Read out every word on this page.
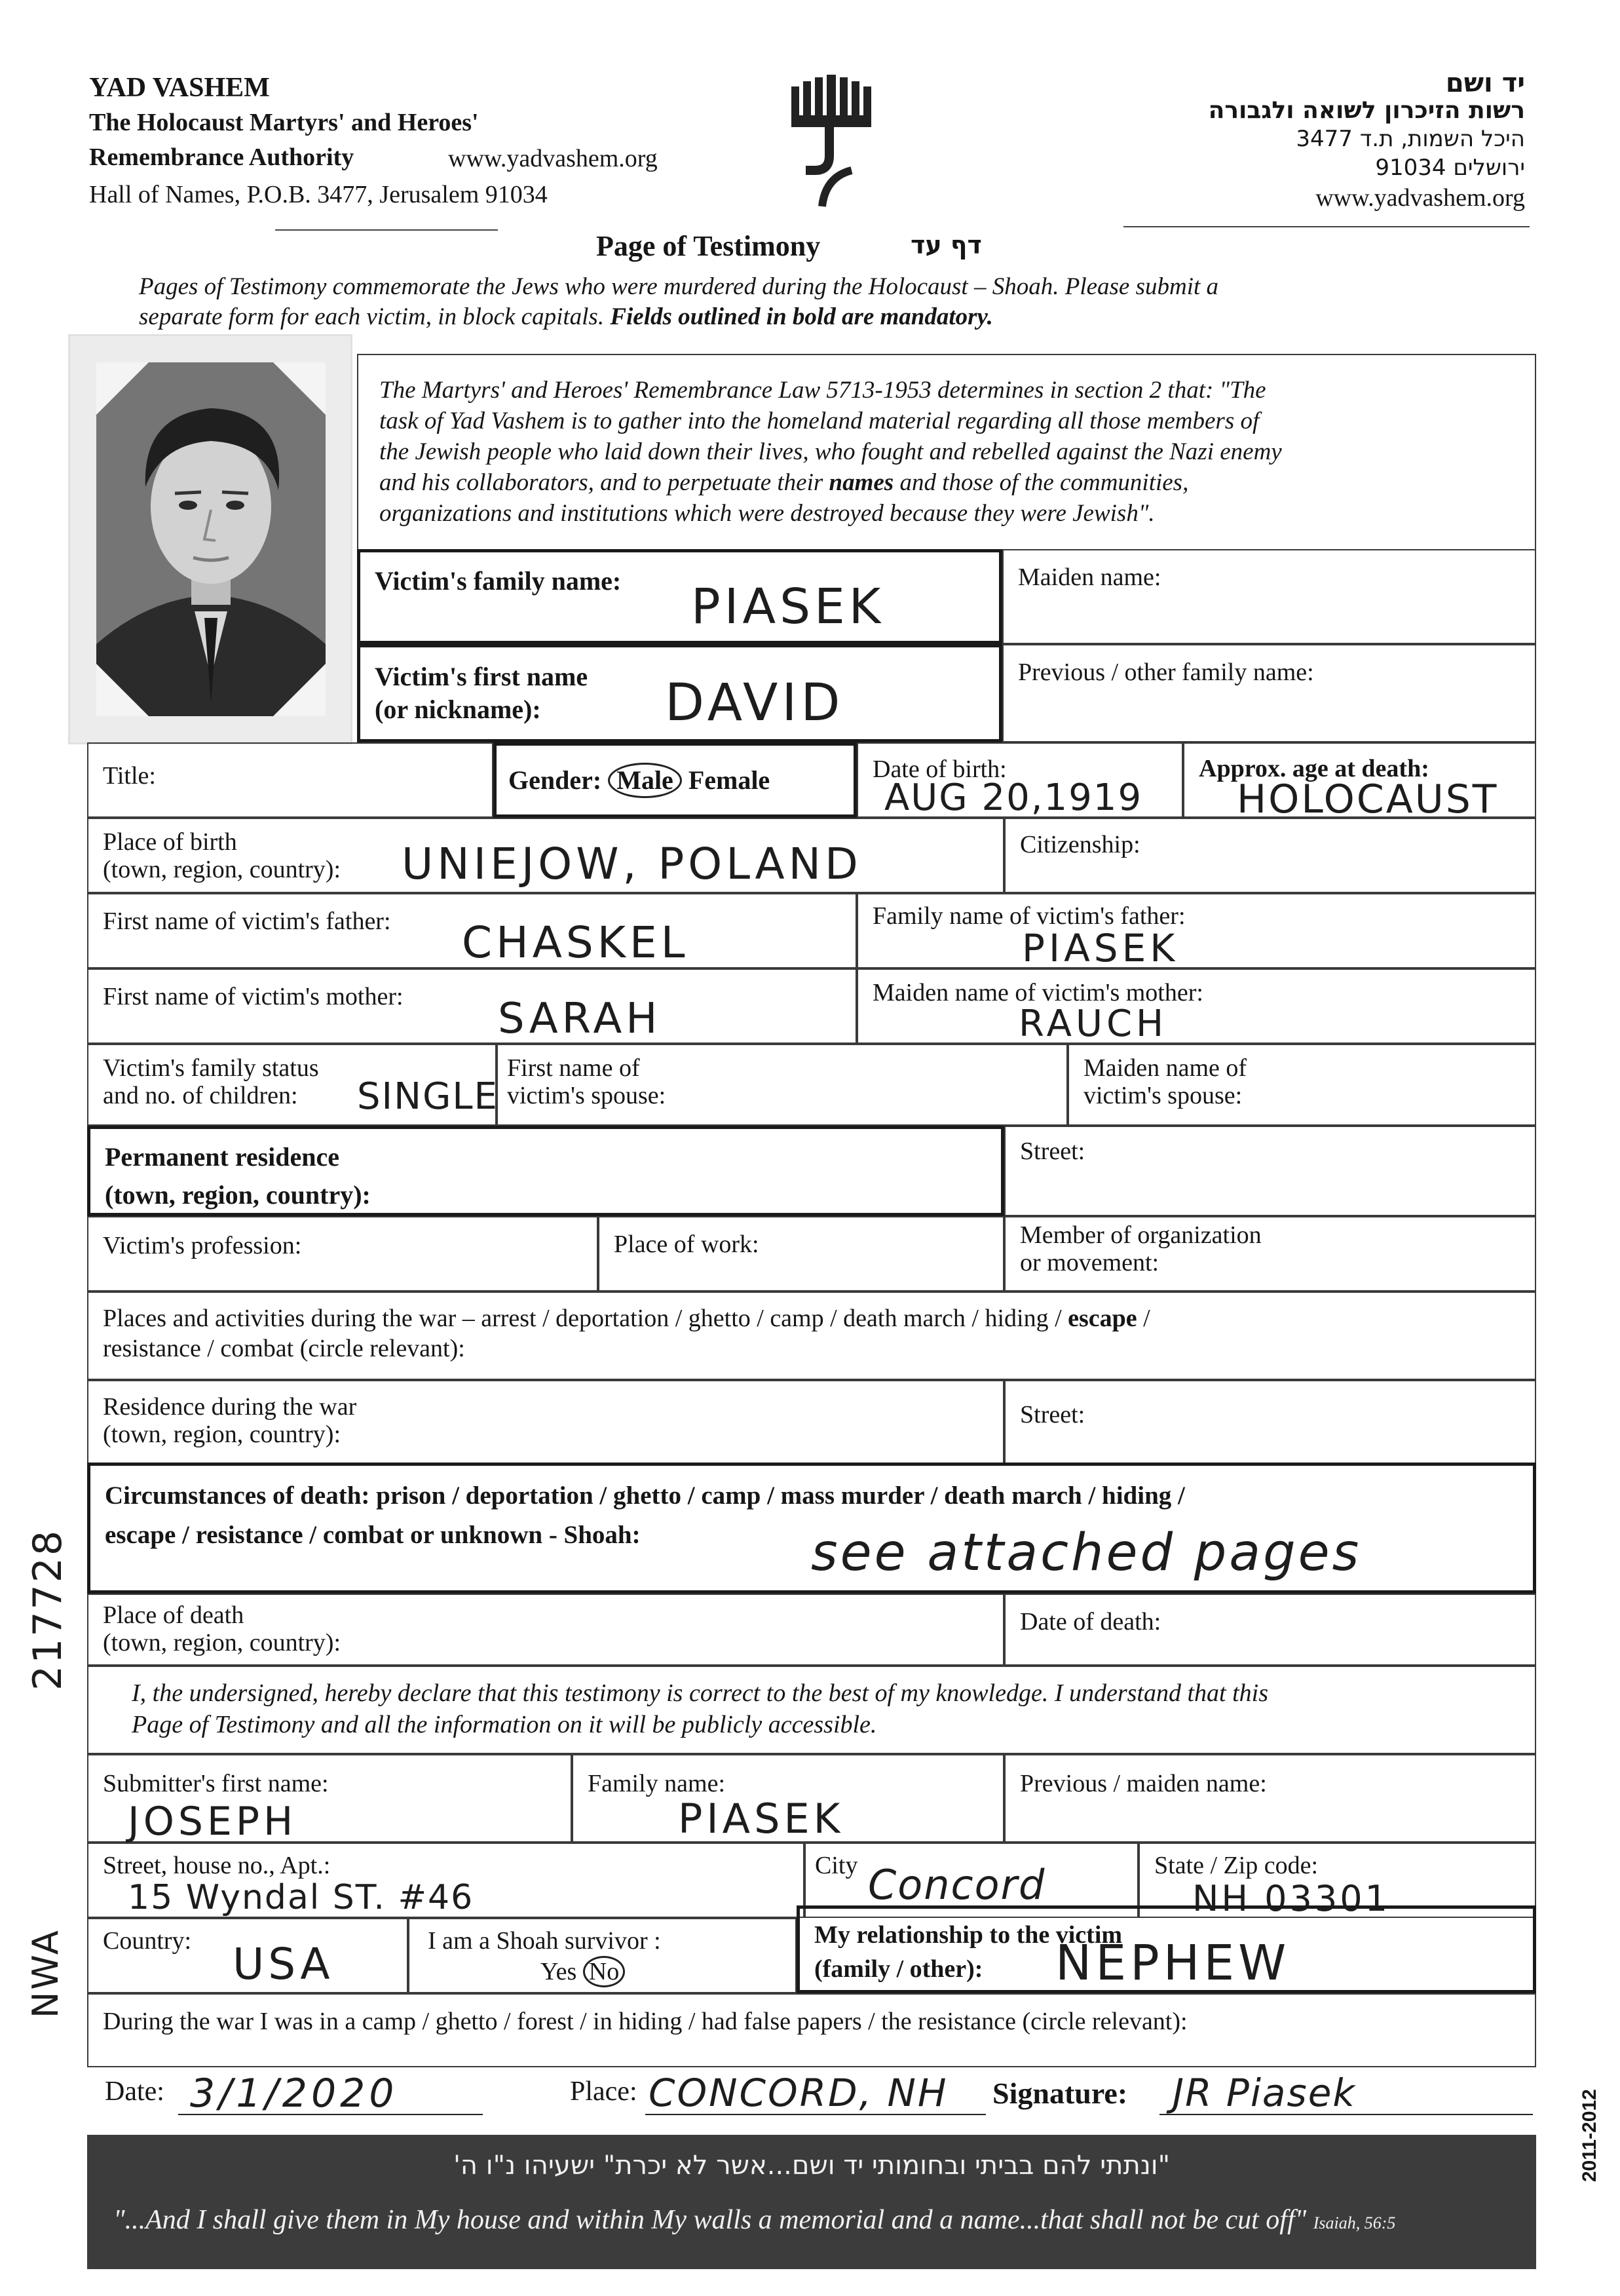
YAD VASHEM
The Holocaust Martyrs' and Heroes'
Remembrance Authority	www.yadvashem.org
Hall of Names, P.O.B. 3477, Jerusalem 91034
יד ושם
רשות הזיכרון לשואה ולגבורה
היכל השמות, ת.ד 3477
ירושלים 91034
www.yadvashem.org
Page of Testimony	דף עד
Pages of Testimony commemorate the Jews who were murdered during the Holocaust – Shoah. Please submit a
separate form for each victim, in block capitals. Fields outlined in bold are mandatory.
The Martyrs' and Heroes' Remembrance Law 5713-1953 determines in section 2 that: "The
task of Yad Vashem is to gather into the homeland material regarding all those members of
the Jewish people who laid down their lives, who fought and rebelled against the Nazi enemy
and his collaborators, and to perpetuate their names and those of the communities,
organizations and institutions which were destroyed because they were Jewish".
Victim's family name: PIASEK
Maiden name:
Victim's first name
(or nickname):	DAVID
Previous / other family name:
Title:	Gender: Male Female	Date of birth:
AUG 20,1919
Approx. age at death:
HOLOCAUST
Place of birth
(town, region, country): UNIEJOW, POLAND	Citizenship:
First name of victim's father: CHASKEL
Family name of victim's father:
PIASEK
First name of victim's mother: SARAH
Maiden name of victim's mother:
RAUCH
Victim's family status
and no. of children:	SINGLE
First name of
victim's spouse:
Maiden name of
victim's spouse:
Permanent residence
(town, region, country):
Street:
Victim's profession:	Place of work:	Member of organization
or movement:
Places and activities during the war – arrest / deportation / ghetto / camp / death march / hiding / escape /
resistance / combat (circle relevant):
Residence during the war
(town, region, country):
Street:
Circumstances of death: prison / deportation / ghetto / camp / mass murder / death march / hiding /
escape / resistance / combat or unknown - Shoah:	see attached pages
Place of death
(town, region, country):
Date of death:
I, the undersigned, hereby declare that this testimony is correct to the best of my knowledge. I understand that this
Page of Testimony and all the information on it will be publicly accessible.
Submitter's first name:
JOSEPH
Family name:
PIASEK
Previous / maiden name:
Street, house no., Apt.:
15 Wyndal ST. #46
City Concord	State / Zip code:
NH 03301
Country: USA	I am a Shoah survivor :
Yes No
My relationship to the victim
(family / other):	NEPHEW
During the war I was in a camp / ghetto / forest / in hiding / had false papers / the resistance (circle relevant):
Date: 3/1/2020	Place: CONCORD, NH Signature: JR Piasek
"ונתתי להם בביתי ובחומותי יד ושם...אשר לא יכרת" ישעיהו נ"ו ה'
"...And I shall give them in My house and within My walls a memorial and a name...that shall not be cut off" Isaiah, 56:5
2011-2012
217728
NWA
